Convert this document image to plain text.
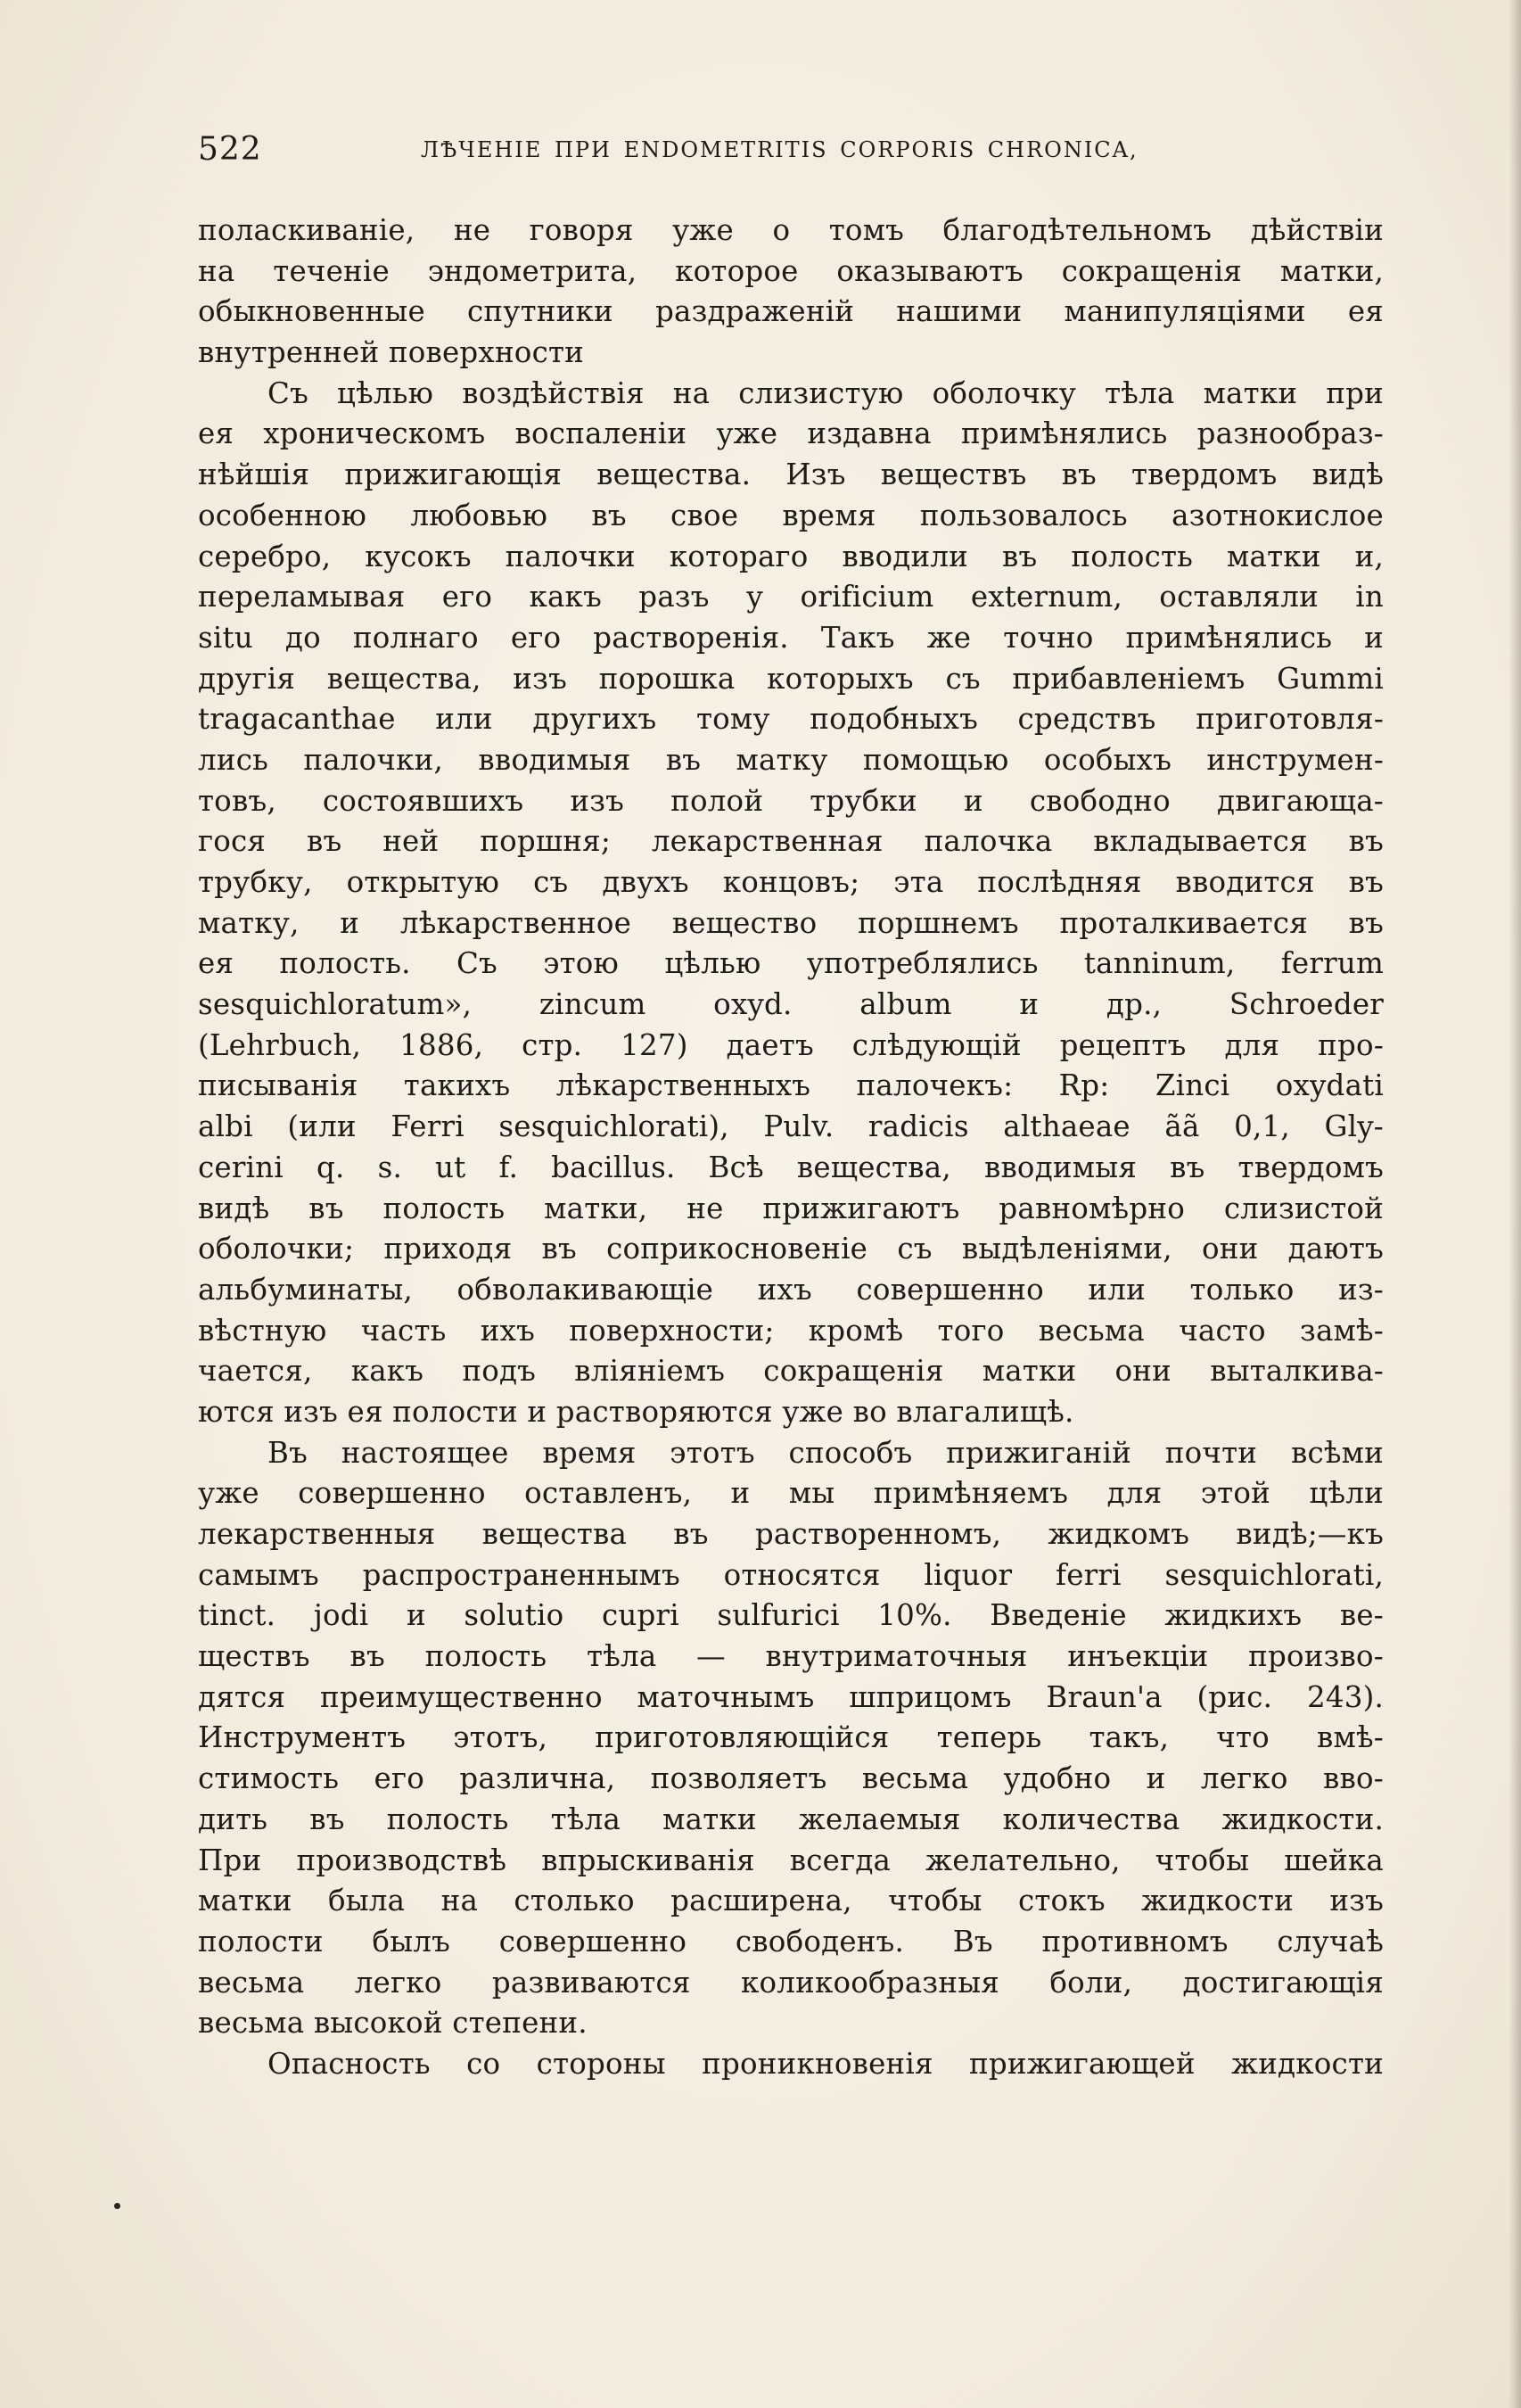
522	ЛѢЧЕНІЕ ПРИ ENDOMETRITIS CORPORIS CHRONICA,
поласкиваніе, не говоря уже о томъ благодѣтельномъ дѣйствіи
на теченіе эндометрита, которое оказываютъ сокращенія матки,
обыкновенные спутники раздраженій нашими манипуляціями ея
внутренней поверхности
Съ цѣлью воздѣйствія на слизистую оболочку тѣла матки при
ея хроническомъ воспаленіи уже издавна примѣнялись разнообраз-
нѣйшія прижигающія вещества. Изъ веществъ въ твердомъ видѣ
особенною любовью въ свое время пользовалось азотнокислое
серебро, кусокъ палочки котораго вводили въ полость матки и,
переламывая его какъ разъ у orificium externum, оставляли in
situ до полнаго его растворенія. Такъ же точно примѣнялись и
другія вещества, изъ порошка которыхъ съ прибавленіемъ Gummi
tragacanthae или другихъ тому подобныхъ средствъ приготовля-
лись палочки, вводимыя въ матку помощью особыхъ инструмен-
товъ, состоявшихъ изъ полой трубки и свободно двигающа-
гося въ ней поршня; лекарственная палочка вкладывается въ
трубку, открытую съ двухъ концовъ; эта послѣдняя вводится въ
матку, и лѣкарственное вещество поршнемъ проталкивается въ
ея полость. Съ этою цѣлью употреблялись tanninum, ferrum
sesquichloratum», zincum oxyd. album и др., Schroeder
(Lehrbuch, 1886, стр. 127) даетъ слѣдующій рецептъ для про-
писыванія такихъ лѣкарственныхъ палочекъ: Rp: Zinci oxydati
albi (или Ferri sesquichlorati), Pulv. radicis althaeae ãã 0,1, Gly-
cerini q. s. ut f. bacillus. Всѣ вещества, вводимыя въ твердомъ
видѣ въ полость матки, не прижигаютъ равномѣрно слизистой
оболочки; приходя въ соприкосновеніе съ выдѣленіями, они даютъ
альбуминаты, обволакивающіе ихъ совершенно или только из-
вѣстную часть ихъ поверхности; кромѣ того весьма часто замѣ-
чается, какъ подъ вліяніемъ сокращенія матки они выталкива-
ются изъ ея полости и растворяются уже во влагалищѣ.
Въ настоящее время этотъ способъ прижиганій почти всѣми
уже совершенно оставленъ, и мы примѣняемъ для этой цѣли
лекарственныя вещества въ растворенномъ, жидкомъ видѣ;—къ
самымъ распространеннымъ относятся liquor ferri sesquichlorati,
tinct. jodi и solutio cupri sulfurici 10%. Введеніе жидкихъ ве-
ществъ въ полость тѣла — внутриматочныя инъекціи произво-
дятся преимущественно маточнымъ шприцомъ Braun'a (рис. 243).
Инструментъ этотъ, приготовляющійся теперь такъ, что вмѣ-
стимость его различна, позволяетъ весьма удобно и легко вво-
дить въ полость тѣла матки желаемыя количества жидкости.
При производствѣ впрыскиванія всегда желательно, чтобы шейка
матки была на столько расширена, чтобы стокъ жидкости изъ
полости былъ совершенно свободенъ. Въ противномъ случаѣ
весьма легко развиваются коликообразныя боли, достигающія
весьма высокой степени.
Опасность со стороны проникновенія прижигающей жидкости
